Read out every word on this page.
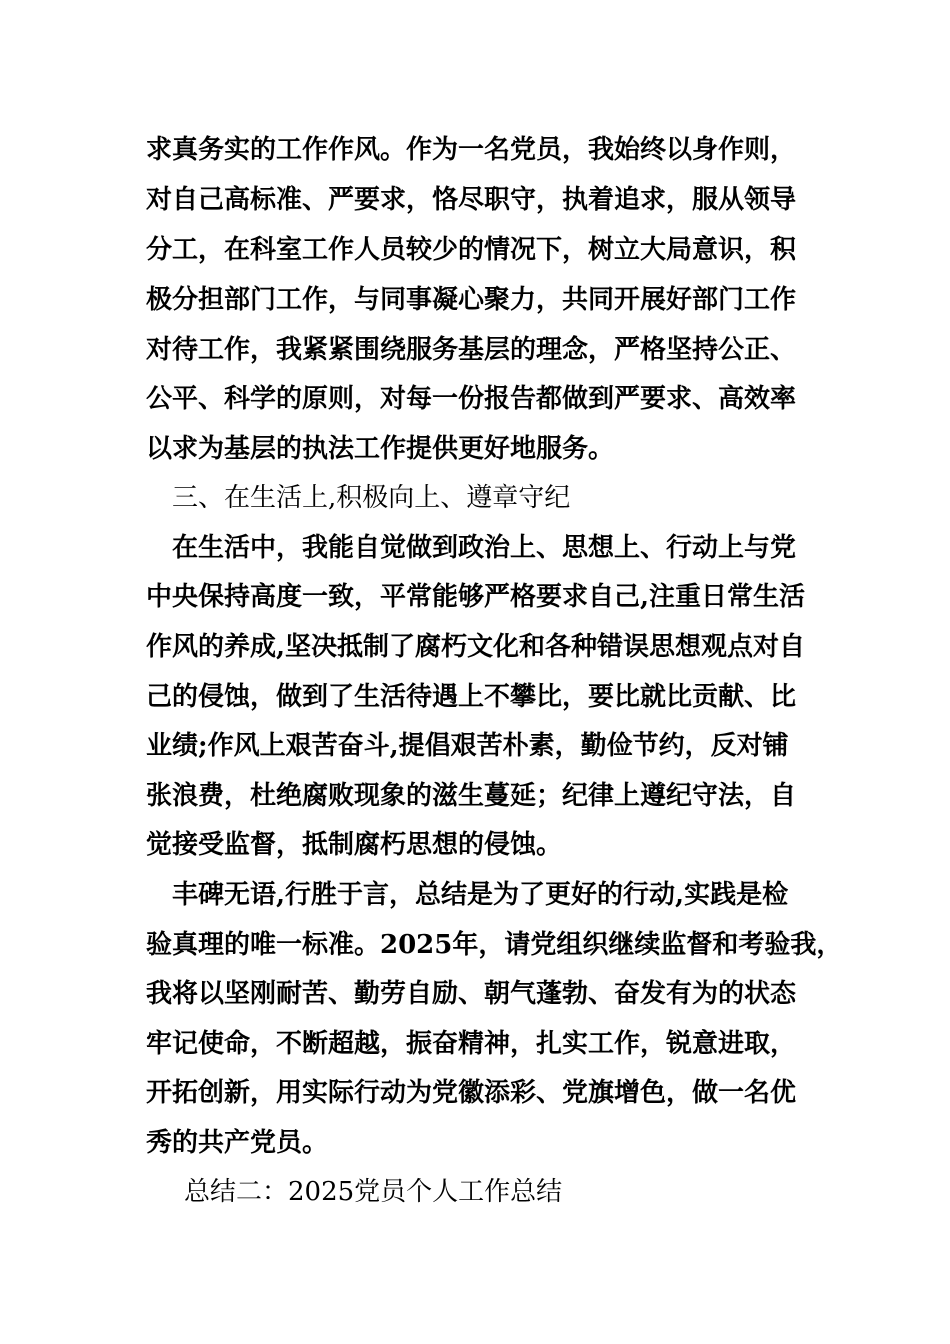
求真务实的工作作风。作为一名党员，我始终以身作则，
对自己高标准、严要求，恪尽职守，执着追求，服从领导
分工，在科室工作人员较少的情况下，树立大局意识，积
极分担部门工作，与同事凝心聚力，共同开展好部门工作
对待工作，我紧紧围绕服务基层的理念，严格坚持公正、
公平、科学的原则，对每一份报告都做到严要求、高效率
以求为基层的执法工作提供更好地服务。
三、在生活上,积极向上、遵章守纪
在生活中，我能自觉做到政治上、思想上、行动上与党
中央保持高度一致，平常能够严格要求自己,注重日常生活
作风的养成,坚决抵制了腐朽文化和各种错误思想观点对自
己的侵蚀，做到了生活待遇上不攀比，要比就比贡献、比
业绩;作风上艰苦奋斗,提倡艰苦朴素，勤俭节约，反对铺
张浪费，杜绝腐败现象的滋生蔓延；纪律上遵纪守法，自
觉接受监督，抵制腐朽思想的侵蚀。
丰碑无语,行胜于言，总结是为了更好的行动,实践是检
验真理的唯一标准。2025年，请党组织继续监督和考验我，
我将以坚刚耐苦、勤劳自励、朝气蓬勃、奋发有为的状态
牢记使命，不断超越，振奋精神，扎实工作，锐意进取，
开拓创新，用实际行动为党徽添彩、党旗增色，做一名优
秀的共产党员。
总结二：2025党员个人工作总结
